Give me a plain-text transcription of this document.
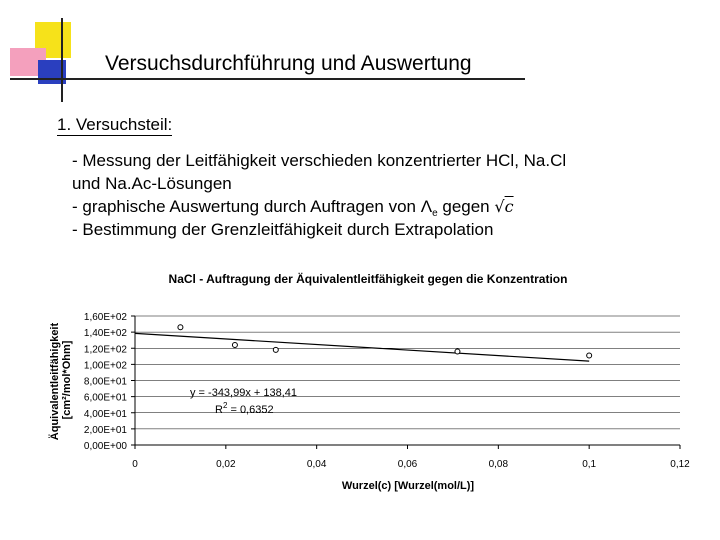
Versuchsdurchführung und Auswertung
1. Versuchsteil:
- Messung der Leitfähigkeit verschieden konzentrierter HCl, Na.Cl
und Na.Ac-Lösungen
- graphische Auswertung durch Auftragen von $\Lambda_e$ gegen √c
- Bestimmung der Grenzleitfähigkeit durch Extrapolation
NaCl - Auftragung der Äquivalentleitfähigkeit gegen die Konzentration
Äquivalentleitfähigkeit [cm²/mol*Ohm]
Wurzel(c) [Wurzel(mol/L)]
0,00E+00
2,00E+01
4,00E+01
6,00E+01
8,00E+01
1,00E+02
1,20E+02
1,40E+02
1,60E+02
0	0,02	0,04	0,06	0,08	0,1	0,12
y = -343,99x + 138,41
$R^2 = 0,6352$
